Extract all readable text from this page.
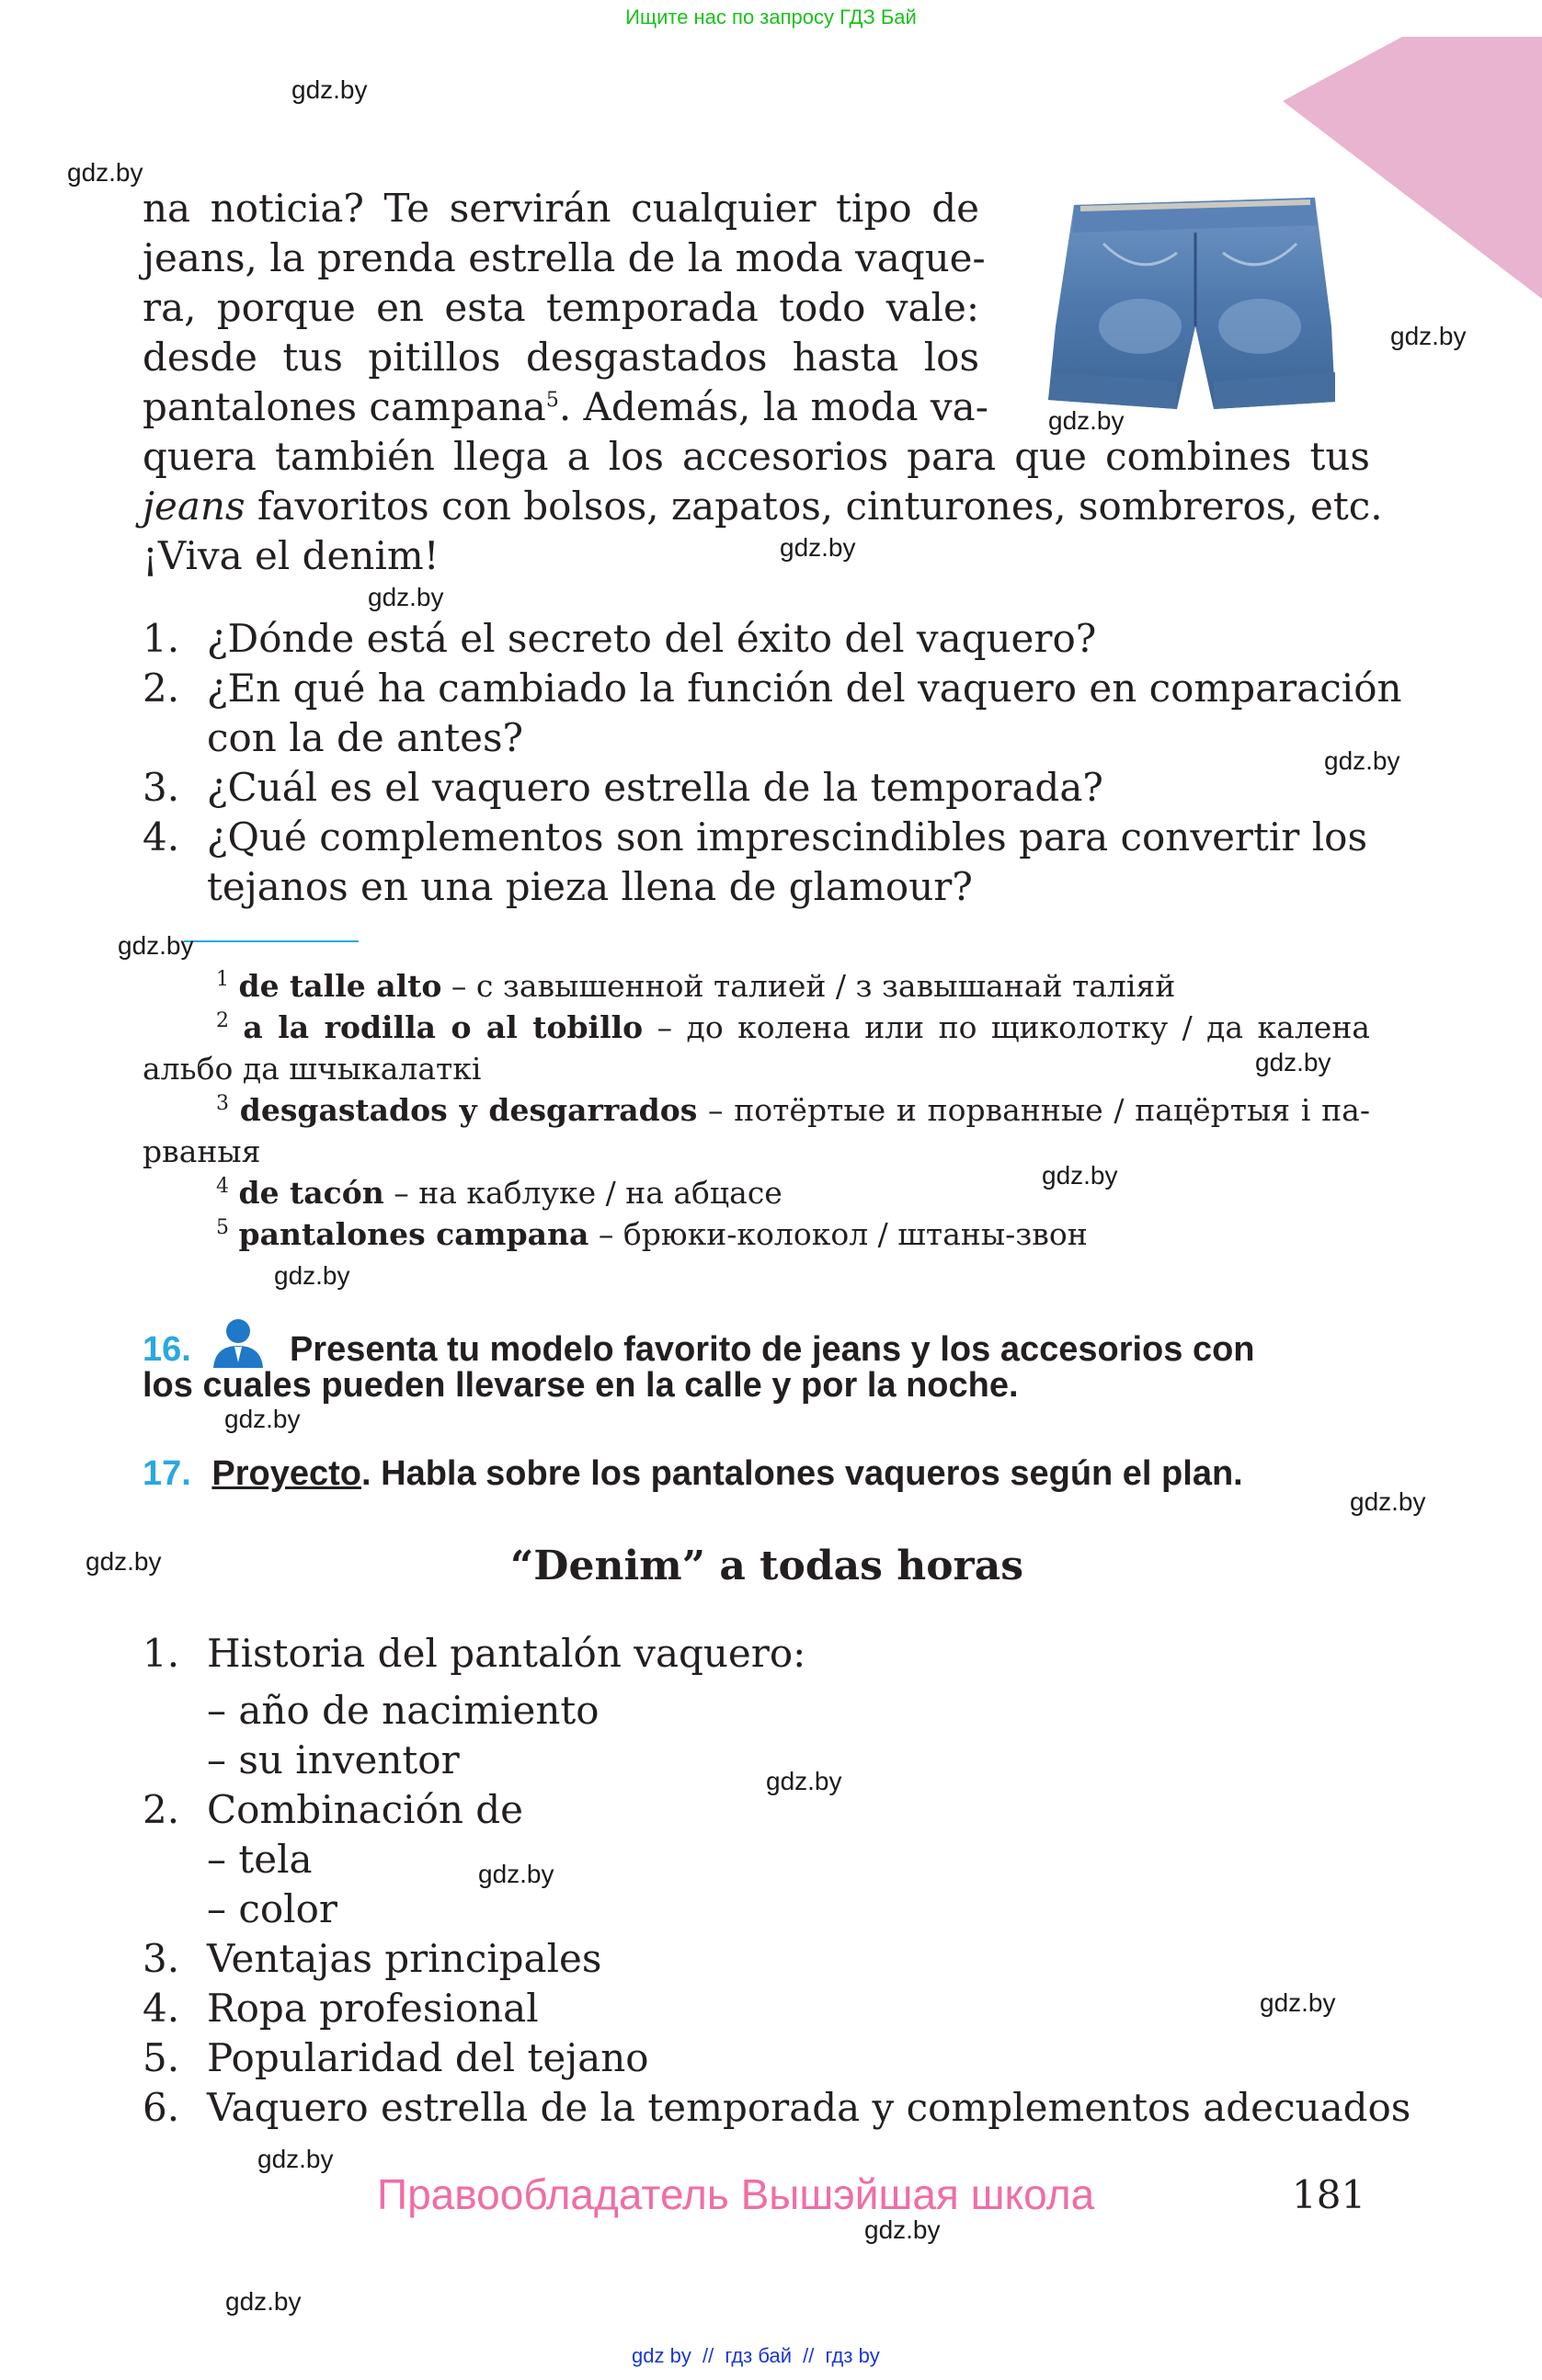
Ищите нас по запросу ГДЗ Бай
na noticia? Te servirán cualquier tipo de
jeans, la prenda estrella de la moda vaque-
ra, porque en esta temporada todo vale:
desde tus pitillos desgastados hasta los
pantalones campana$^5$. Además, la moda va-
quera también llega a los accesorios para que combines tus
jeans favoritos con bolsos, zapatos, cinturones, sombreros, etc.
¡Viva el denim!
1. ¿Dónde está el secreto del éxito del vaquero?
2. ¿En qué ha cambiado la función del vaquero en comparación
con la de antes?
3. ¿Cuál es el vaquero estrella de la temporada?
4. ¿Qué complementos son imprescindibles para convertir los
tejanos en una pieza llena de glamour?
$^1$ de talle alto – с завышенной талией / з завышанай таліяй
$^2$ a la rodilla o al tobillo – до колена или по щиколотку / да калена
альбо да шчыкалаткі
$^3$ desgastados y desgarrados – потёртые и порванные / пацёртыя і па-
рваныя
$^4$ de tacón – на каблуке / на абцасе
$^5$ pantalones campana – брюки-колокол / штаны-звон
16.	Presenta tu modelo favorito de jeans y los accesorios con
los cuales pueden llevarse en la calle y por la noche.
17. Proyecto. Habla sobre los pantalones vaqueros según el plan.
“Denim” a todas horas
1. Historia del pantalón vaquero:
– año de nacimiento
– su inventor
2. Combinación de
– tela
– color
3. Ventajas principales
4. Ropa profesional
5. Popularidad del tejano
6. Vaquero estrella de la temporada y complementos adecuados
Правообладатель Вышэйшая школа	181
gdz by // гдз бай // гдз by
gdz.by
gdz.by
gdz.by
gdz.by
gdz.by
gdz.by
gdz.by
gdz.by
gdz.by
gdz.by
gdz.by
gdz.by
gdz.by
gdz.by
gdz.by
gdz.by
gdz.by
gdz.by
gdz.by
gdz.by
